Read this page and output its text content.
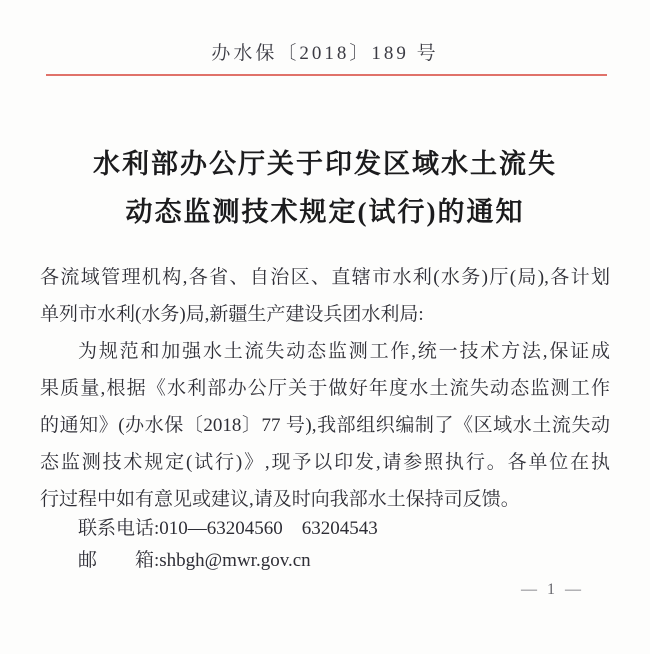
办水保〔2018〕189 号
水利部办公厅关于印发区域水土流失
动态监测技术规定(试行)的通知
各流域管理机构,各省、自治区、直辖市水利(水务)厅(局),各计划
单列市水利(水务)局,新疆生产建设兵团水利局:
为规范和加强水土流失动态监测工作,统一技术方法,保证成
果质量,根据《水利部办公厅关于做好年度水土流失动态监测工作
的通知》(办水保〔2018〕77 号),我部组织编制了《区域水土流失动
态监测技术规定(试行)》,现予以印发,请参照执行。各单位在执
行过程中如有意见或建议,请及时向我部水土保持司反馈。
联系电话:010—63204560　63204543
邮　　箱:shbgh@mwr.gov.cn
— 1 —
